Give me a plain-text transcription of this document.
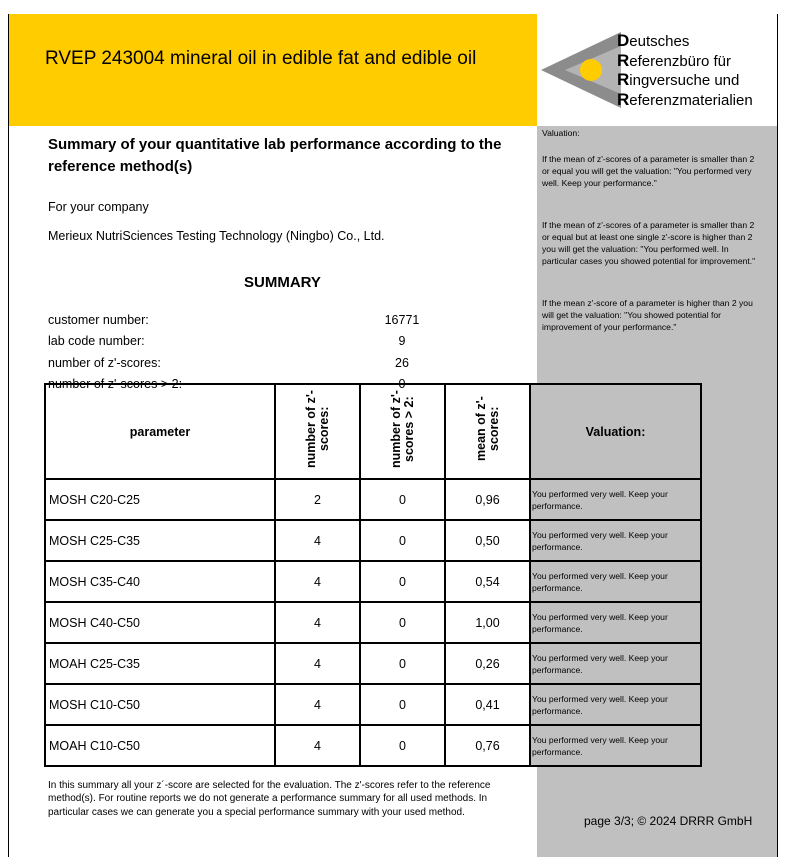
RVEP 243004 mineral oil in edible fat and edible oil
Deutsches
Referenzbüro für
Ringversuche und
Referenzmaterialien
Valuation:
If the mean of z'-scores of a parameter is smaller than 2 or equal you will get the valuation: "You performed very well. Keep your performance."
If the mean of z'-scores of a parameter is smaller than 2 or equal but at least one single z'-score is higher than 2 you will get the valuation: "You performed well. In particular cases you showed potential for improvement."
If the mean z'-score of a parameter is higher than 2 you will get the valuation: "You showed potential for improvement of your performance."
Summary of your quantitative lab performance according to the reference method(s)
For your company
Merieux NutriSciences Testing Technology (Ningbo) Co., Ltd.
SUMMARY
customer number:	16771
lab code number:	9
number of z'-scores:	26
number of z'-scores > 2:	0
parameter	number of z'-scores:	number of z'-scores > 2:	mean of z'-scores:	Valuation:
MOSH C20-C25	2	0	0,96	You performed very well. Keep your performance.
MOSH C25-C35	4	0	0,50	You performed very well. Keep your performance.
MOSH C35-C40	4	0	0,54	You performed very well. Keep your performance.
MOSH C40-C50	4	0	1,00	You performed very well. Keep your performance.
MOAH C25-C35	4	0	0,26	You performed very well. Keep your performance.
MOSH C10-C50	4	0	0,41	You performed very well. Keep your performance.
MOAH C10-C50	4	0	0,76	You performed very well. Keep your performance.
In this summary all your z´-score are selected for the evaluation. The z'-scores refer to the reference method(s). For routine reports we do not generate a performance summary for all used methods. In particular cases we can generate you a special performance summary with your used method.
page 3/3; © 2024 DRRR GmbH
